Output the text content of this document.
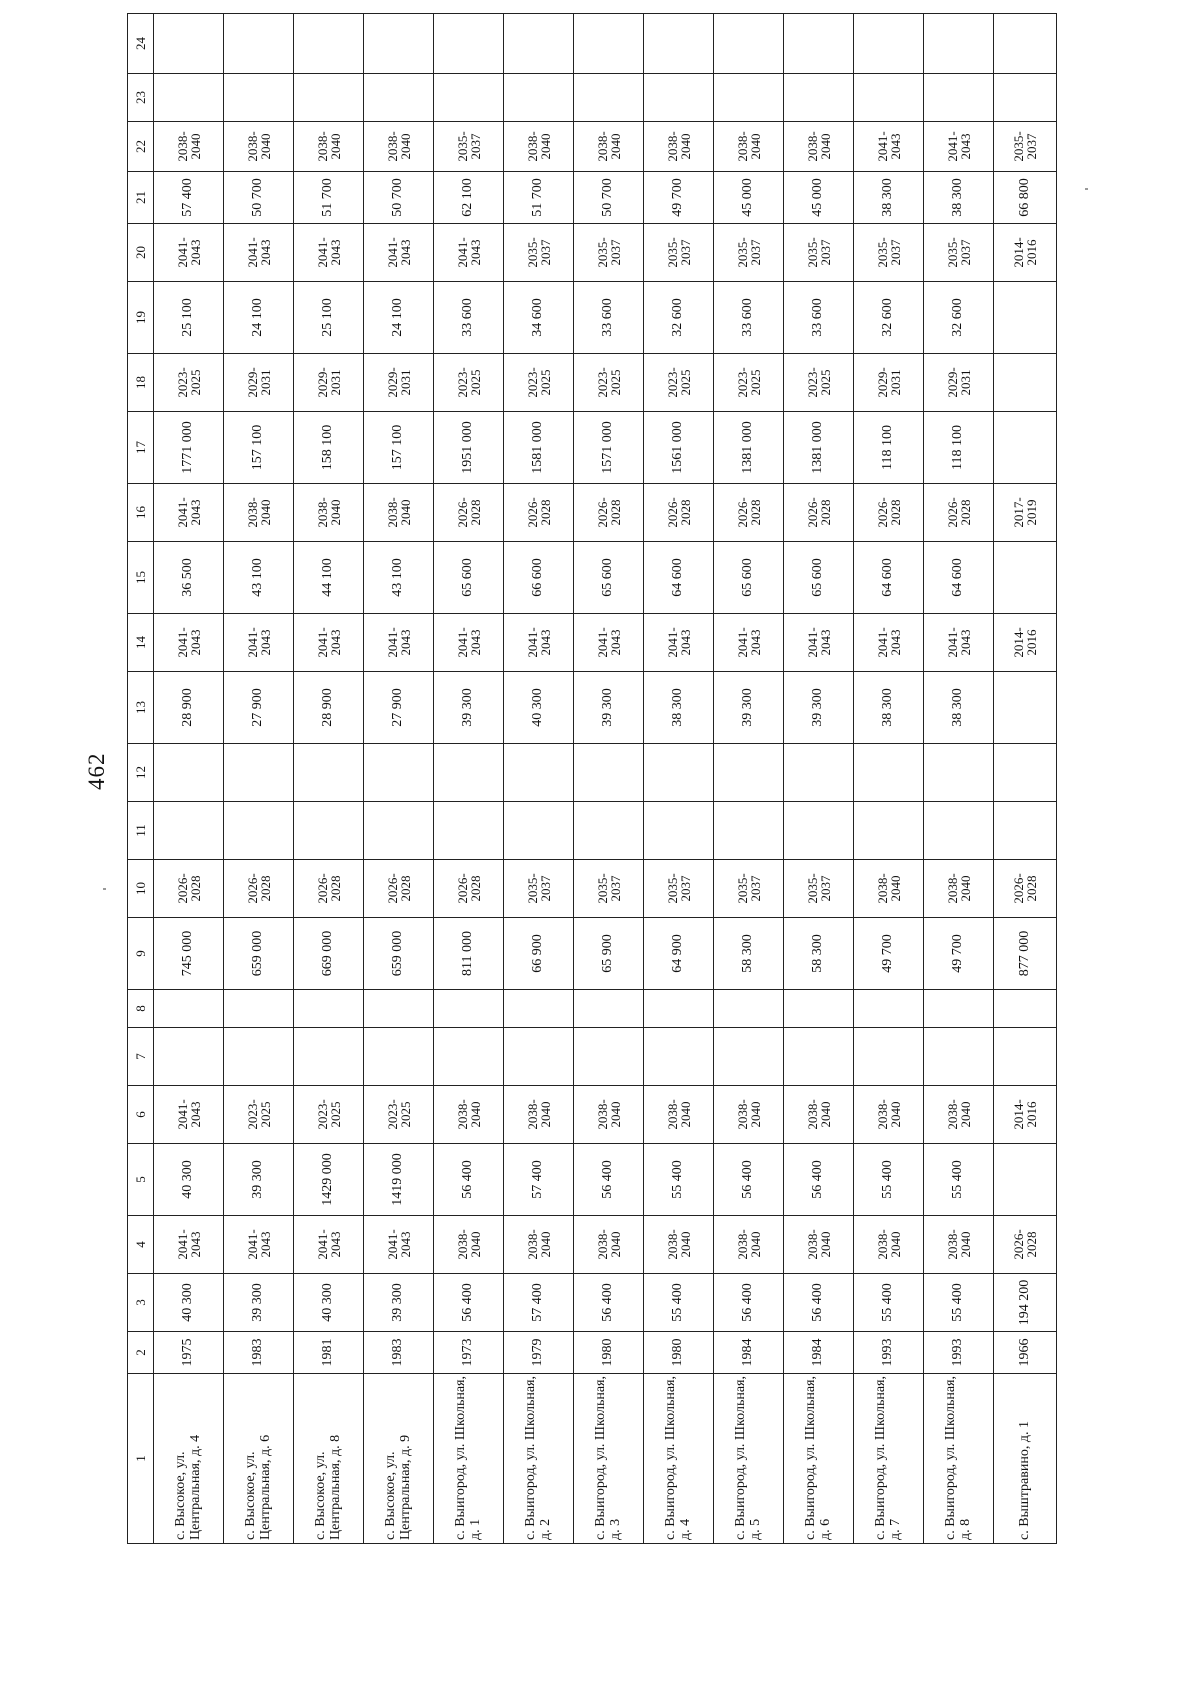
462
1	2	3	4	5	6	7	8	9	10	11	12	13	14	15	16	17	18	19	20	21	22	23	24
с. Высокое, ул. Центральная, д. 4	1975	40 300	2041-2043	40 300	2041-2043			745 000	2026-2028			28 900	2041-2043	36 500	2041-2043	1771 000	2023-2025	25 100	2041-2043	57 400	2038-2040		
с. Высокое, ул. Центральная, д. 6	1983	39 300	2041-2043	39 300	2023-2025			659 000	2026-2028			27 900	2041-2043	43 100	2038-2040	157 100	2029-2031	24 100	2041-2043	50 700	2038-2040		
с. Высокое, ул. Центральная, д. 8	1981	40 300	2041-2043	1429 000	2023-2025			669 000	2026-2028			28 900	2041-2043	44 100	2038-2040	158 100	2029-2031	25 100	2041-2043	51 700	2038-2040		
с. Высокое, ул. Центральная, д. 9	1983	39 300	2041-2043	1419 000	2023-2025			659 000	2026-2028			27 900	2041-2043	43 100	2038-2040	157 100	2029-2031	24 100	2041-2043	50 700	2038-2040		
с. Выигород, ул. Школьная, д. 1	1973	56 400	2038-2040	56 400	2038-2040			811 000	2026-2028			39 300	2041-2043	65 600	2026-2028	1951 000	2023-2025	33 600	2041-2043	62 100	2035-2037		
с. Выигород, ул. Школьная, д. 2	1979	57 400	2038-2040	57 400	2038-2040			66 900	2035-2037			40 300	2041-2043	66 600	2026-2028	1581 000	2023-2025	34 600	2035-2037	51 700	2038-2040		
с. Выигород, ул. Школьная, д. 3	1980	56 400	2038-2040	56 400	2038-2040			65 900	2035-2037			39 300	2041-2043	65 600	2026-2028	1571 000	2023-2025	33 600	2035-2037	50 700	2038-2040		
с. Выигород, ул. Школьная, д. 4	1980	55 400	2038-2040	55 400	2038-2040			64 900	2035-2037			38 300	2041-2043	64 600	2026-2028	1561 000	2023-2025	32 600	2035-2037	49 700	2038-2040		
с. Выигород, ул. Школьная, д. 5	1984	56 400	2038-2040	56 400	2038-2040			58 300	2035-2037			39 300	2041-2043	65 600	2026-2028	1381 000	2023-2025	33 600	2035-2037	45 000	2038-2040		
с. Выигород, ул. Школьная, д. 6	1984	56 400	2038-2040	56 400	2038-2040			58 300	2035-2037			39 300	2041-2043	65 600	2026-2028	1381 000	2023-2025	33 600	2035-2037	45 000	2038-2040		
с. Выигород, ул. Школьная, д. 7	1993	55 400	2038-2040	55 400	2038-2040			49 700	2038-2040			38 300	2041-2043	64 600	2026-2028	118 100	2029-2031	32 600	2035-2037	38 300	2041-2043		
с. Выигород, ул. Школьная, д. 8	1993	55 400	2038-2040	55 400	2038-2040			49 700	2038-2040			38 300	2041-2043	64 600	2026-2028	118 100	2029-2031	32 600	2035-2037	38 300	2041-2043		
с. Выштравино, д. 1	1966	194 200	2026-2028		2014-2016			877 000	2026-2028				2014-2016		2017-2019				2014-2016	66 800	2035-2037		
